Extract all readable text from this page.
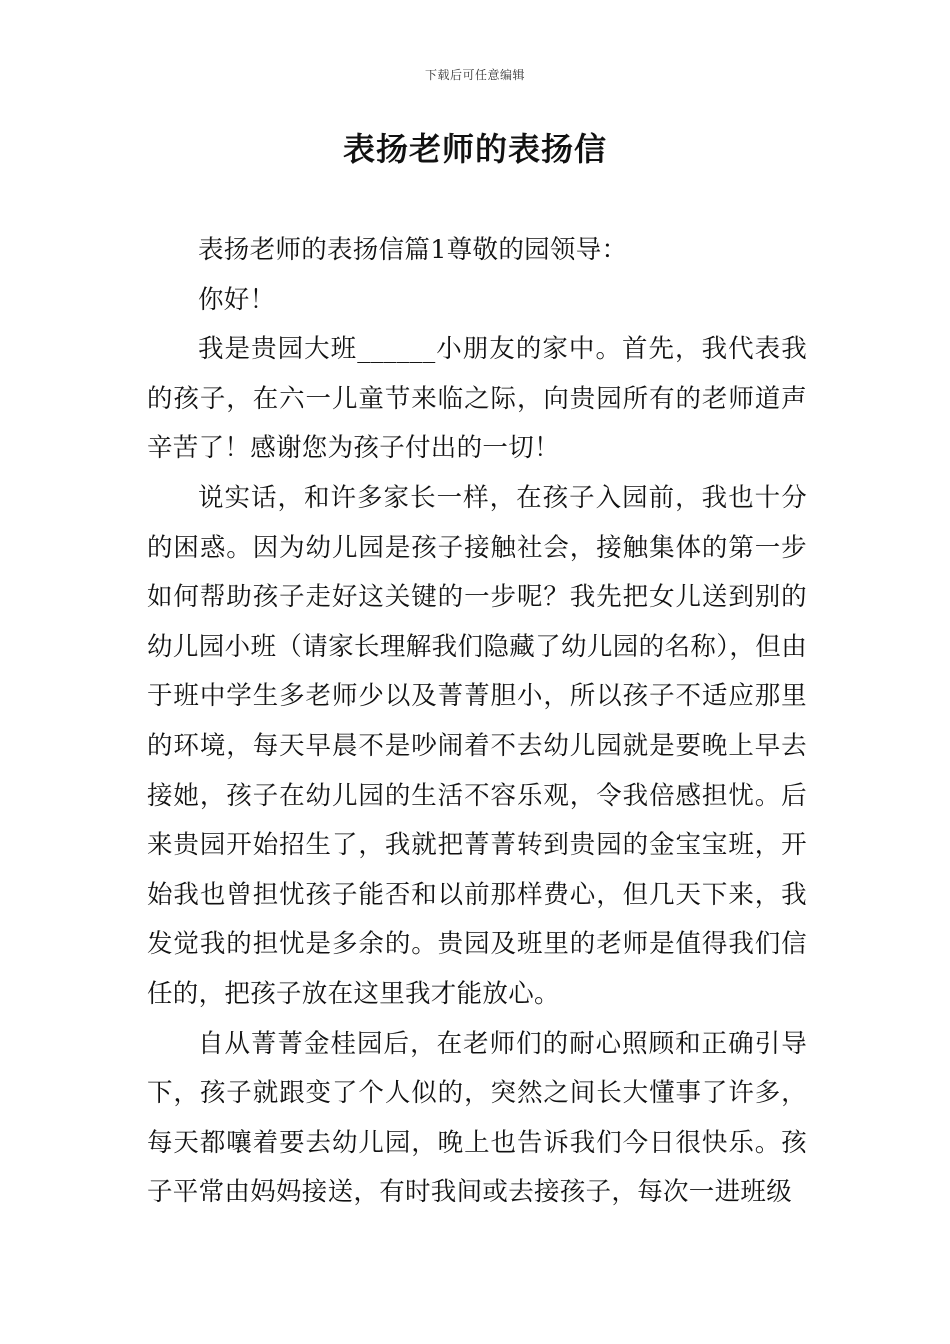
下载后可任意编辑
表扬老师的表扬信

表扬老师的表扬信篇1尊敬的园领导：

你好！

我是贵园大班______小朋友的家中。首先，我代表我的孩子，在六一儿童节来临之际，向贵园所有的老师道声辛苦了！感谢您为孩子付出的一切！

说实话，和许多家长一样，在孩子入园前，我也十分的困惑。因为幼儿园是孩子接触社会，接触集体的第一步如何帮助孩子走好这关键的一步呢？我先把女儿送到别的幼儿园小班（请家长理解我们隐藏了幼儿园的名称），但由于班中学生多老师少以及菁菁胆小，所以孩子不适应那里的环境，每天早晨不是吵闹着不去幼儿园就是要晚上早去接她，孩子在幼儿园的生活不容乐观，令我倍感担忧。后来贵园开始招生了，我就把菁菁转到贵园的金宝宝班，开始我也曾担忧孩子能否和以前那样费心，但几天下来，我发觉我的担忧是多余的。贵园及班里的老师是值得我们信任的，把孩子放在这里我才能放心。

自从菁菁金桂园后，在老师们的耐心照顾和正确引导下，孩子就跟变了个人似的，突然之间长大懂事了许多，每天都嚷着要去幼儿园，晚上也告诉我们今日很快乐。孩子平常由妈妈接送，有时我间或去接孩子，每次一进班级
